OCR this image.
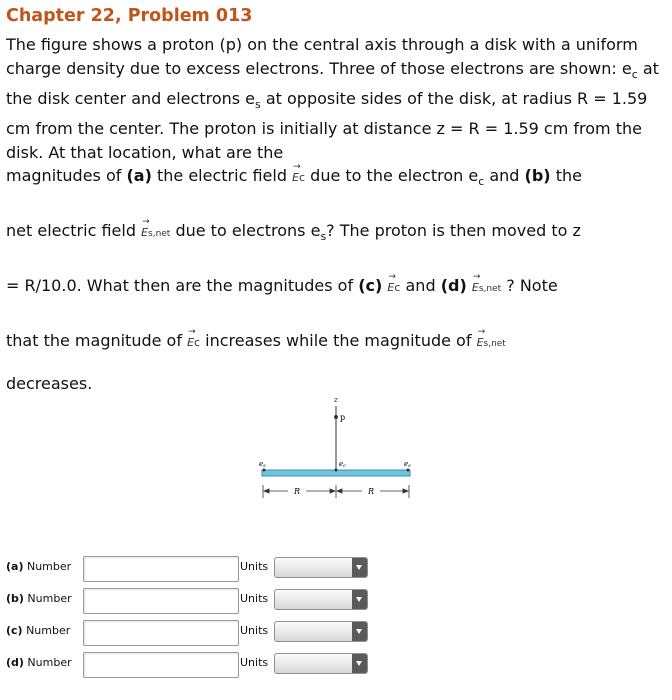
Chapter 22, Problem 013

The figure shows a proton (p) on the central axis through a disk with a uniform charge density due to excess electrons. Three of those electrons are shown: $e_c$ at the disk center and electrons $e_s$ at opposite sides of the disk, at radius R = 1.59 cm from the center. The proton is initially at distance z = R = 1.59 cm from the disk. At that location, what are the

magnitudes of (a) the electric field →
Ec due to the electron $e_c$ and (b) the
net electric field →
Es,net due to electrons $e_s$? The proton is then moved to z
= R/10.0. What then are the magnitudes of (c) →
Ec and (d) →
Es,net ? Note
that the magnitude of →
Ec increases while the magnitude of →
Es,net
decreases.
z
p
es	ec	es
R	R
(a) Number	Units
(b) Number	Units
(c) Number	Units
(d) Number	Units
